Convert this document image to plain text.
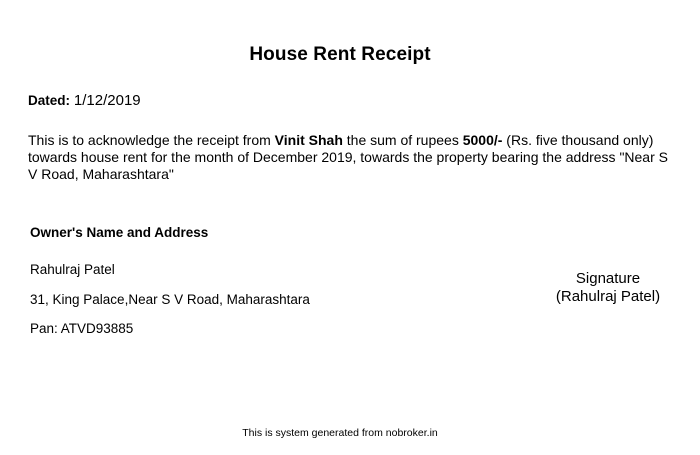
House Rent Receipt
Dated: 1/12/2019
This is to acknowledge the receipt from Vinit Shah the sum of rupees 5000/- (Rs. five thousand only) towards house rent for the month of December 2019, towards the property bearing the address "Near S V Road, Maharashtara"
Owner's Name and Address
Rahulraj Patel
31, King Palace,Near S V Road, Maharashtara
Pan: ATVD93885
Signature
(Rahulraj Patel)
This is system generated from nobroker.in
